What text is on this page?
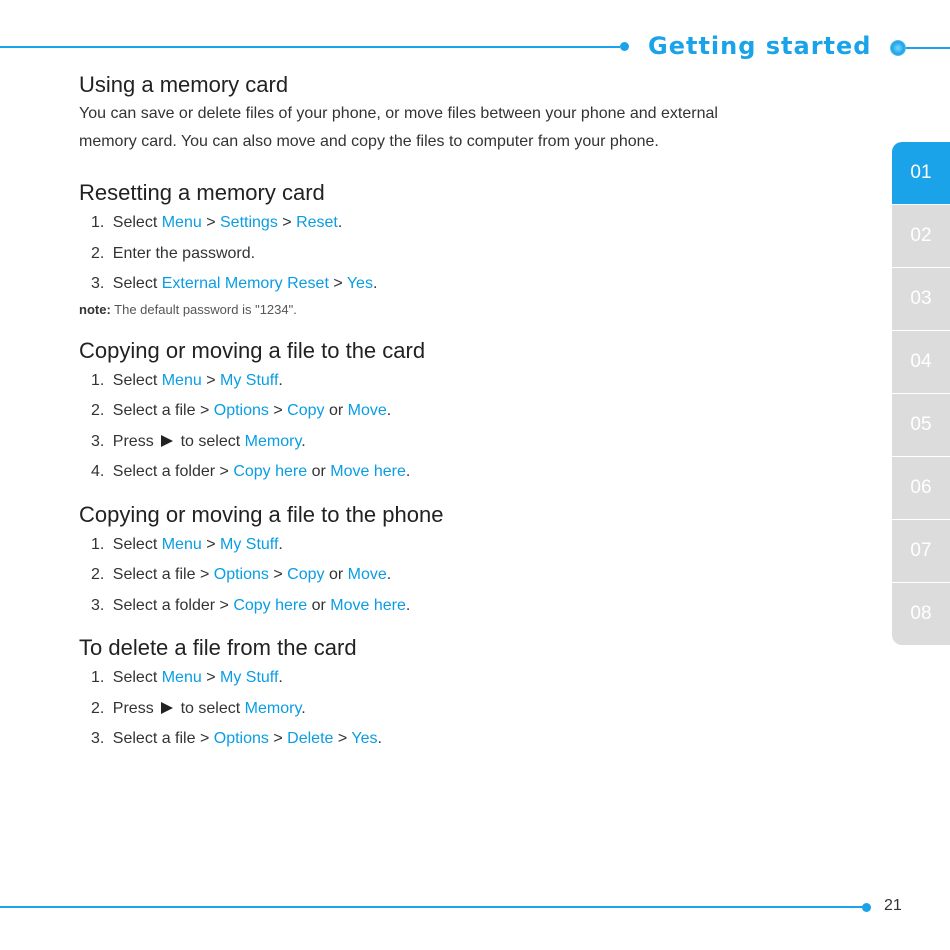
Getting started
Using a memory card

You can save or delete files of your phone, or move files between your phone and external
memory card. You can also move and copy the files to computer from your phone.

Resetting a memory card
1. Select Menu > Settings > Reset.
2. Enter the password.
3. Select External Memory Reset > Yes.
note: The default password is "1234".
Copying or moving a file to the card
1. Select Menu > My Stuff.
2. Select a file > Options > Copy or Move.
3. Press to select Memory.
4. Select a folder > Copy here or Move here.
Copying or moving a file to the phone
1. Select Menu > My Stuff.
2. Select a file > Options > Copy or Move.
3. Select a folder > Copy here or Move here.
To delete a file from the card
1. Select Menu > My Stuff.
2. Press to select Memory.
3. Select a file > Options > Delete > Yes.
01
02
03
04
05
06
07
08
21
